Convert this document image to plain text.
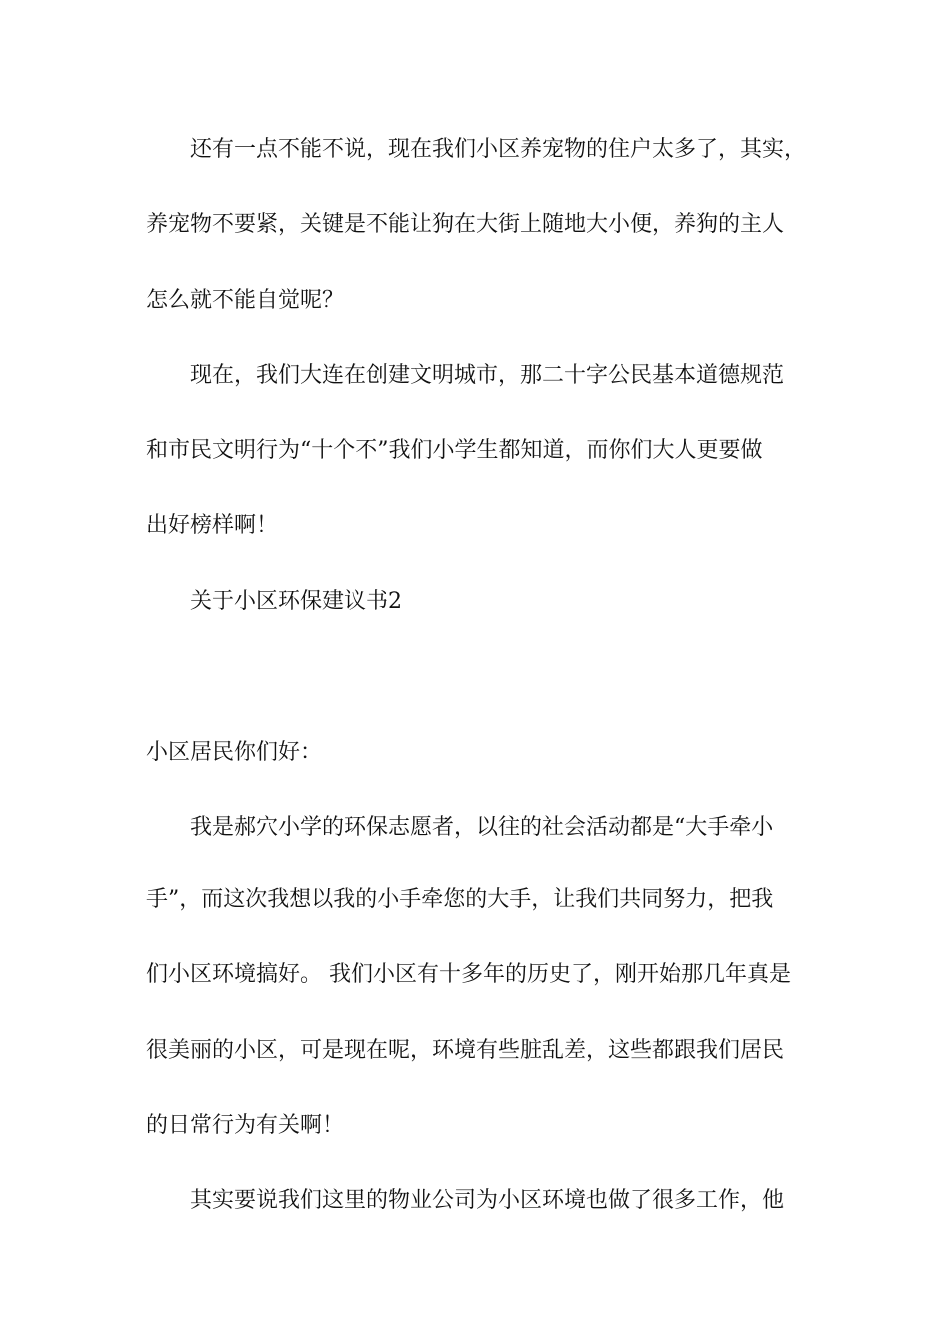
还有一点不能不说，现在我们小区养宠物的住户太多了，其实，
养宠物不要紧，关键是不能让狗在大街上随地大小便，养狗的主人
怎么就不能自觉呢？
现在，我们大连在创建文明城市，那二十字公民基本道德规范
和市民文明行为“十个不”我们小学生都知道，而你们大人更要做
出好榜样啊！
关于小区环保建议书2
小区居民你们好：
我是郝穴小学的环保志愿者，以往的社会活动都是“大手牵小
手”，而这次我想以我的小手牵您的大手，让我们共同努力，把我
们小区环境搞好。 我们小区有十多年的历史了，刚开始那几年真是
很美丽的小区，可是现在呢，环境有些脏乱差，这些都跟我们居民
的日常行为有关啊！
其实要说我们这里的物业公司为小区环境也做了很多工作，他
